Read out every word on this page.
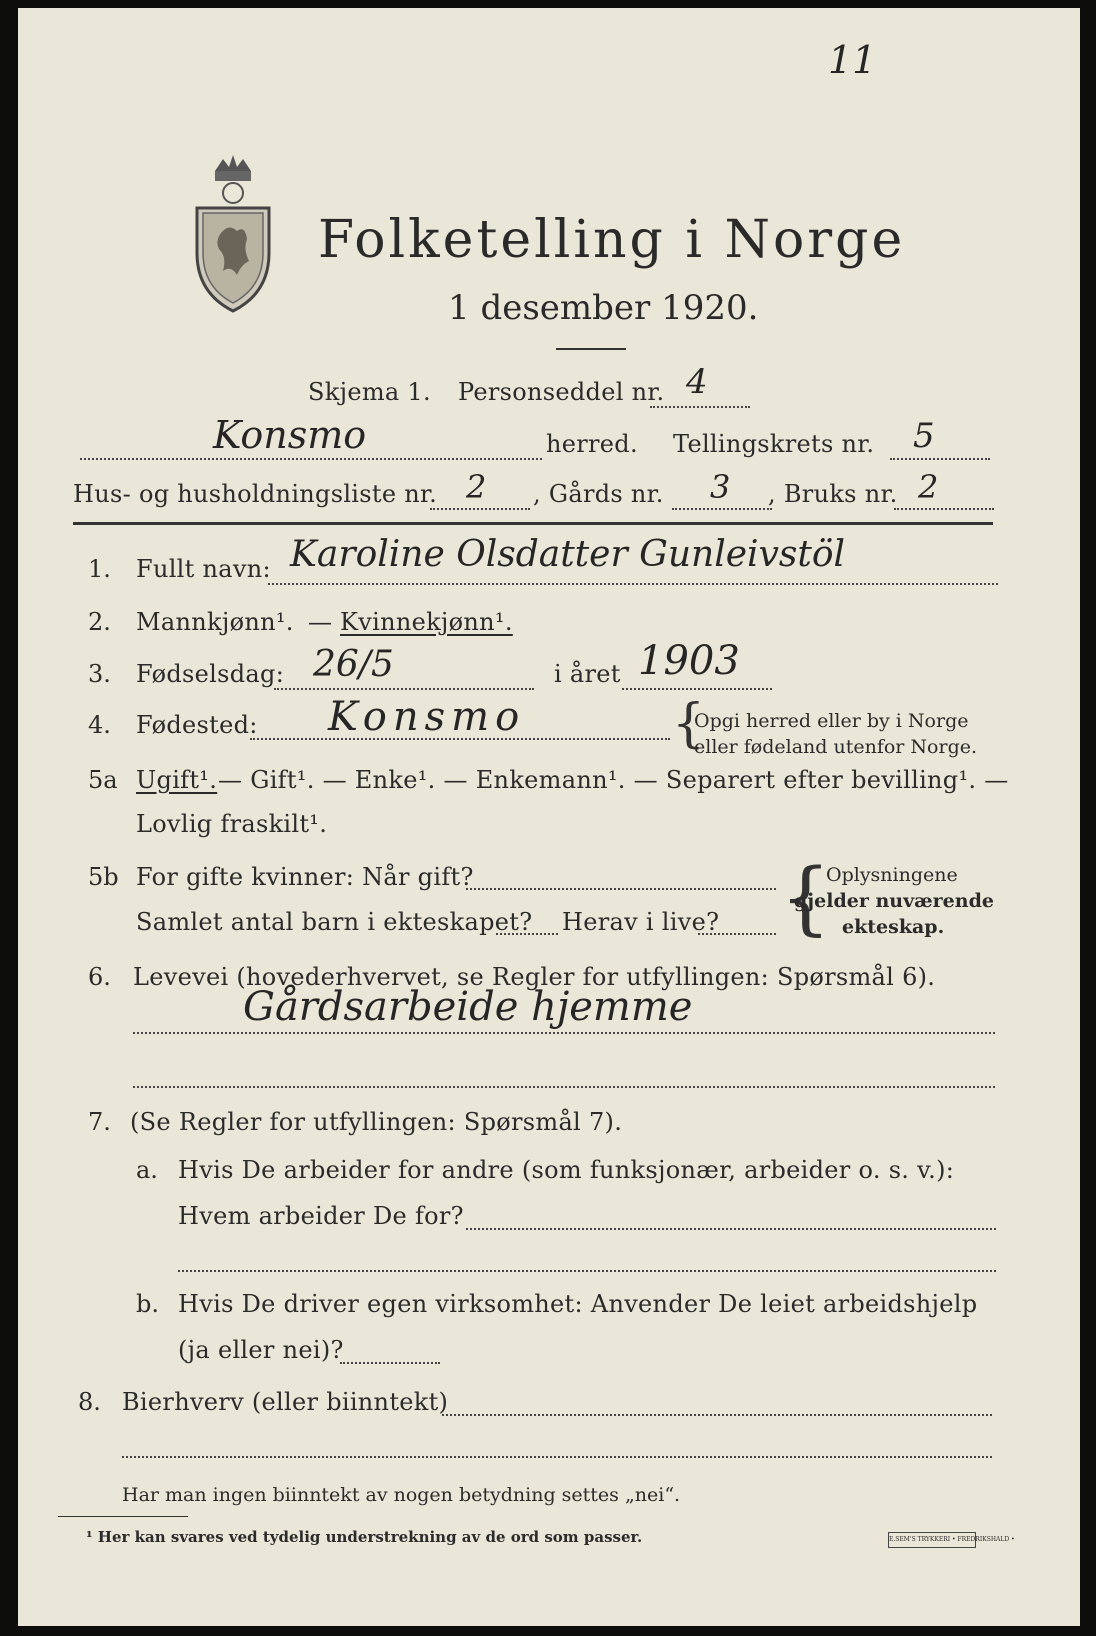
11
Folketelling i Norge
1 desember 1920.
Skjema 1. Personseddel nr. 4
Konsmo	herred. Tellingskrets nr. 5
Hus- og husholdningsliste nr. 2 , Gårds nr. 3 , Bruks nr. 2
1. Fullt navn: Karoline Olsdatter Gunleivstöl
2. Mannkjønn¹. — Kvinnekjønn¹.
3. Fødselsdag: 26/5	i året 1903
4. Fødested: Konsmo	{
Opgi herred eller by i Norge
eller fødeland utenfor Norge.
5a Ugift¹. — Gift¹. — Enke¹. — Enkemann¹. — Separert efter bevilling¹. —
Lovlig fraskilt¹.
5b For gifte kvinner: Når gift?
Samlet antal barn i ekteskapet? Herav i live? {
Oplysningene
gjelder nuværende
ekteskap.
6. Levevei (hovederhvervet, se Regler for utfyllingen: Spørsmål 6).
Gårdsarbeide hjemme
7. (Se Regler for utfyllingen: Spørsmål 7).
a. Hvis De arbeider for andre (som funksjonær, arbeider o. s. v.):
Hvem arbeider De for?
b. Hvis De driver egen virksomhet: Anvender De leiet arbeidshjelp
(ja eller nei)?
8. Bierhverv (eller biinntekt)
Har man ingen biinntekt av nogen betydning settes „nei“.
¹ Her kan svares ved tydelig understrekning av de ord som passer.	E.SEM'S TRYKKERI • FREDRIKSHALD •
